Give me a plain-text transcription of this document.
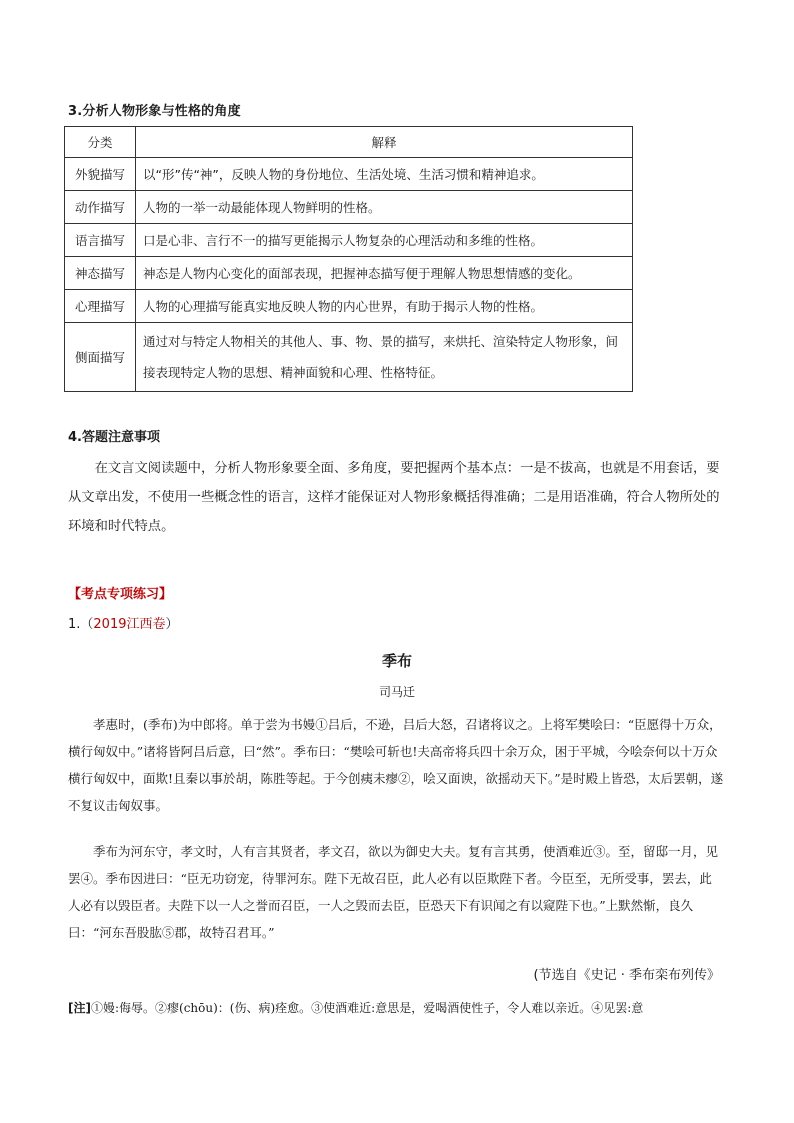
3.分析人物形象与性格的角度
分类	解释
外貌描写	以“形”传“神”，反映人物的身份地位、生活处境、生活习惯和精神追求。
动作描写	人物的一举一动最能体现人物鲜明的性格。
语言描写	口是心非、言行不一的描写更能揭示人物复杂的心理活动和多维的性格。
神态描写	神态是人物内心变化的面部表现，把握神态描写便于理解人物思想情感的变化。
心理描写	人物的心理描写能真实地反映人物的内心世界，有助于揭示人物的性格。
侧面描写	通过对与特定人物相关的其他人、事、物、景的描写，来烘托、渲染特定人物形象，间接表现特定人物的思想、精神面貌和心理、性格特征。
4.答题注意事项
在文言文阅读题中，分析人物形象要全面、多角度，要把握两个基本点：一是不拔高，也就是不用套话，要从文章出发，不使用一些概念性的语言，这样才能保证对人物形象概括得准确；二是用语准确，符合人物所处的环境和时代特点。
【考点专项练习】
1.（2019江西卷）
季布
司马迁
孝惠时，(季布)为中郎将。单于尝为书嫚①吕后，不逊，吕后大怒，召诸将议之。上将军樊哙曰：“臣愿得十万众，横行匈奴中。”诸将皆阿吕后意，曰“然”。季布曰：“樊哙可斩也!夫高帝将兵四十余万众，困于平城，今哙奈何以十万众横行匈奴中，面欺!且秦以事於胡，陈胜等起。于今创痍未瘳②，哙又面谀，欲摇动天下。”是时殿上皆恐，太后罢朝，遂不复议击匈奴事。
季布为河东守，孝文时，人有言其贤者，孝文召，欲以为御史大夫。复有言其勇，使酒难近③。至，留邸一月，见罢④。季布因进曰：“臣无功窃宠，待罪河东。陛下无故召臣，此人必有以臣欺陛下者。今臣至，无所受事，罢去，此人必有以毁臣者。夫陛下以一人之誉而召臣，一人之毁而去臣，臣恐天下有识闻之有以窥陛下也。”上默然惭，良久曰：“河东吾股肱⑤郡，故特召君耳。”
(节选自《史记 · 季布栾布列传》
[注]①嫚:侮辱。②瘳(chōu)：(伤、病)痊愈。③使酒难近:意思是，爱喝酒使性子，令人难以亲近。④见罢:意
